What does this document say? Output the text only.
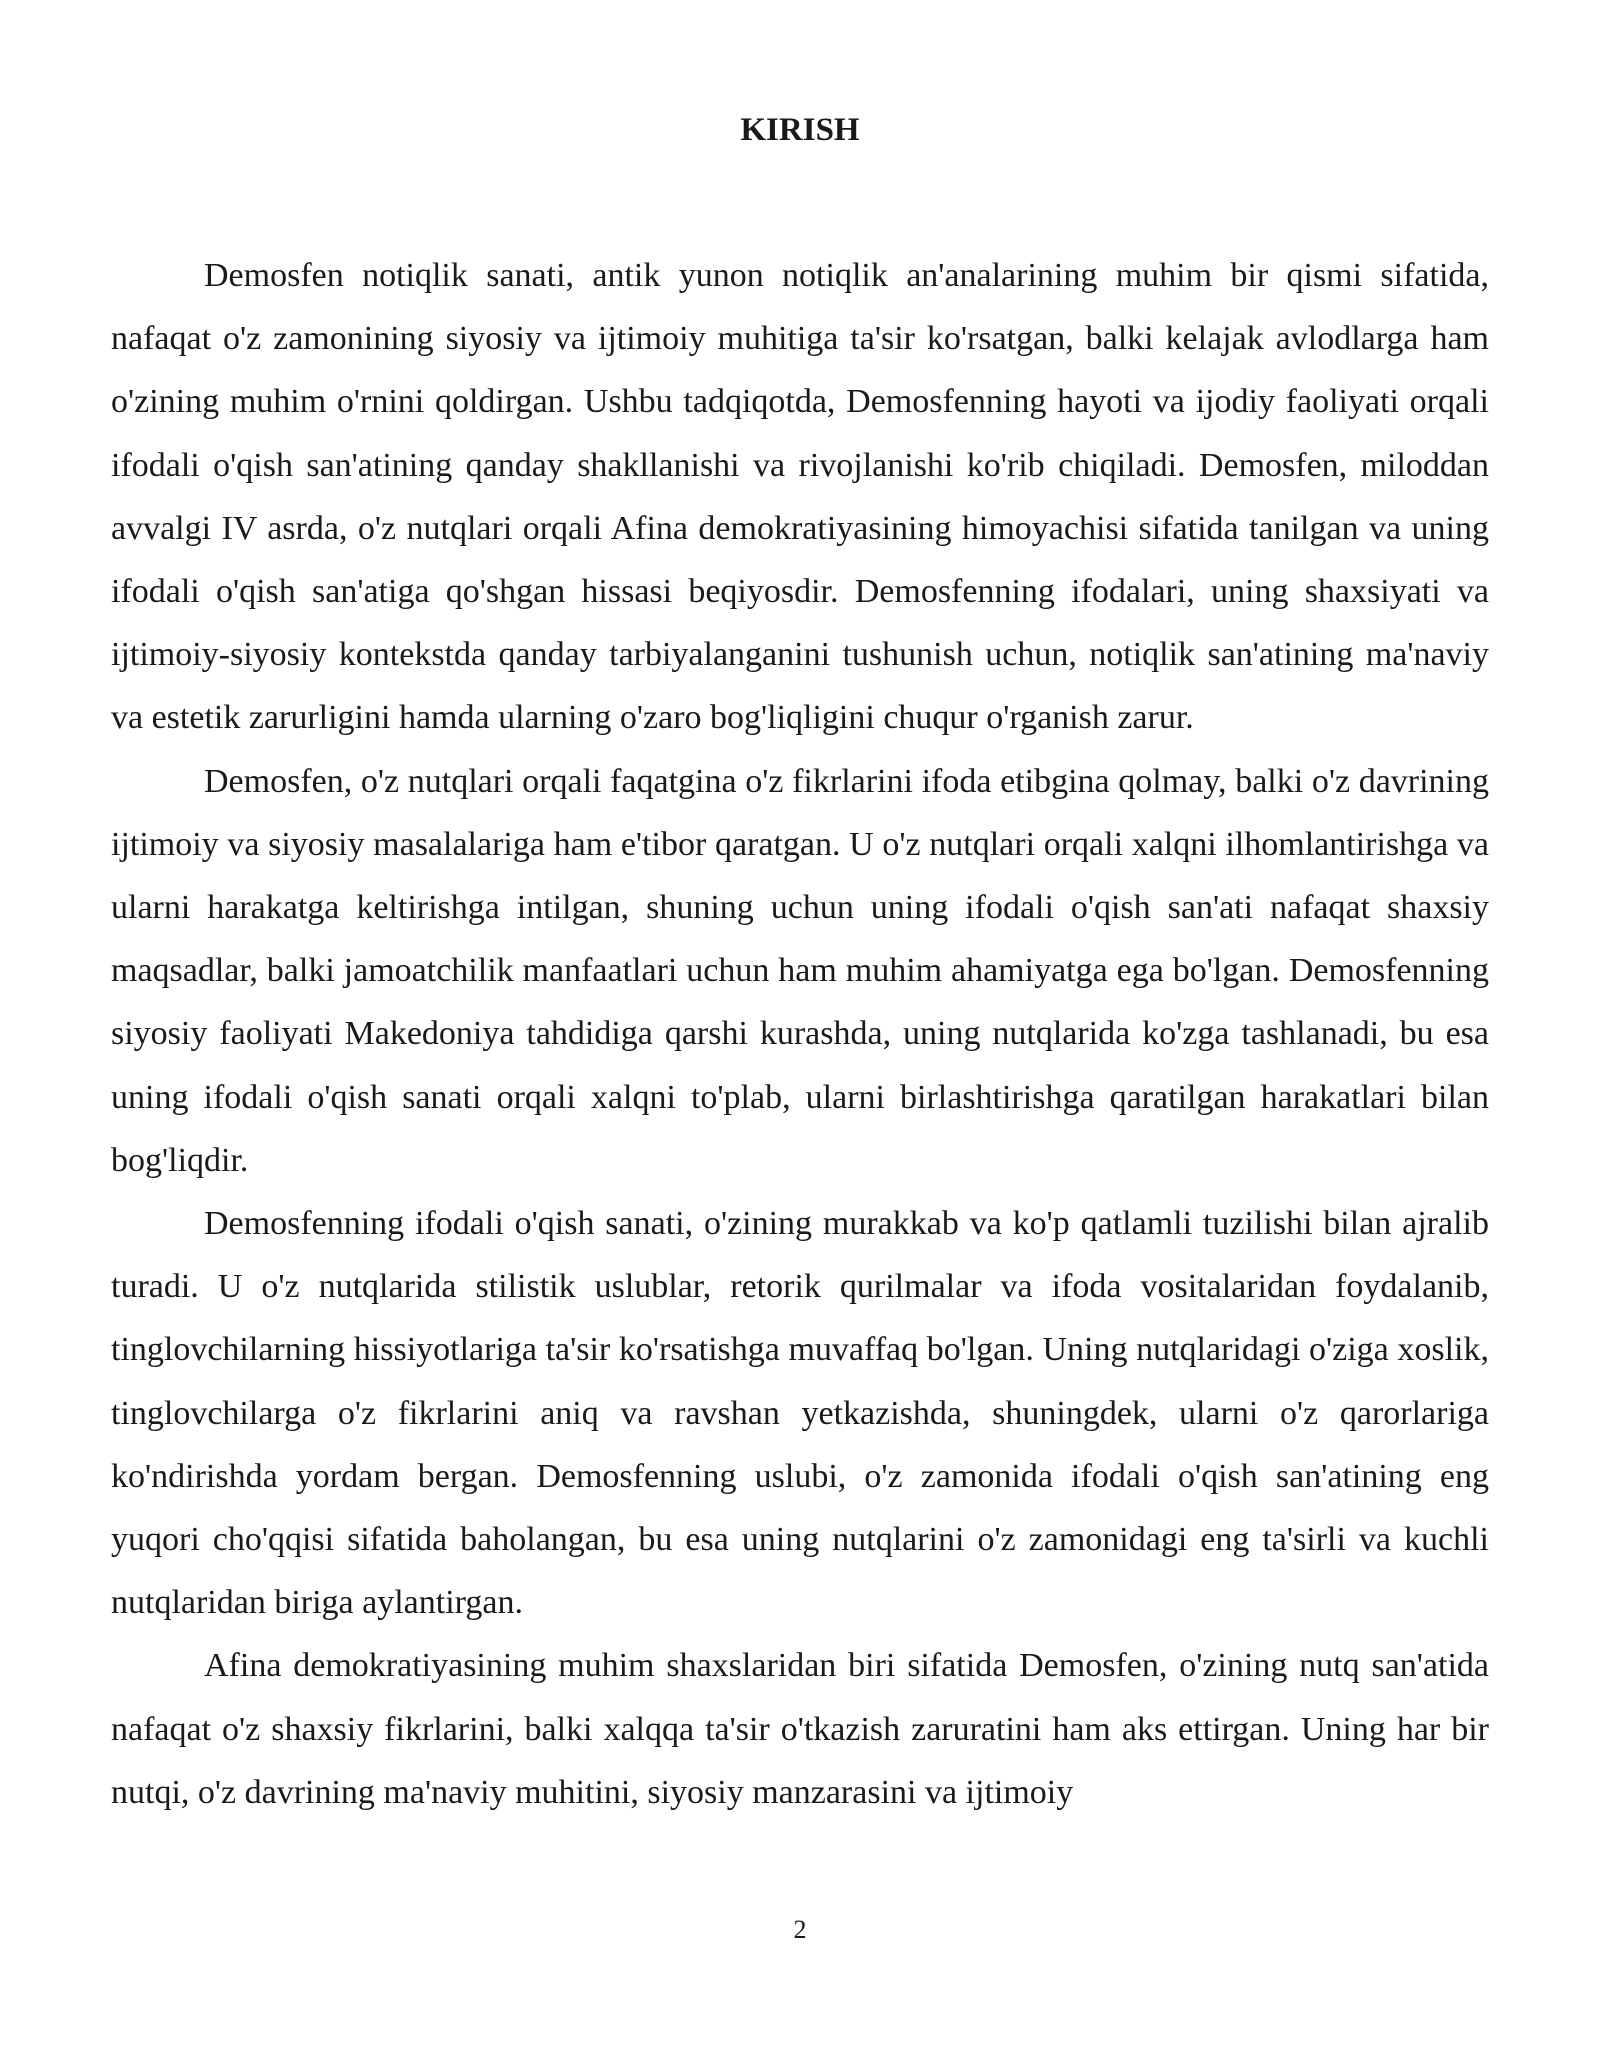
KIRISH

Demosfen notiqlik sanati, antik yunon notiqlik an'analarining muhim bir qismi sifatida, nafaqat o'z zamonining siyosiy va ijtimoiy muhitiga ta'sir ko'rsatgan, balki kelajak avlodlarga ham o'zining muhim o'rnini qoldirgan. Ushbu tadqiqotda, Demosfenning hayoti va ijodiy faoliyati orqali ifodali o'qish san'atining qanday shakllanishi va rivojlanishi ko'rib chiqiladi. Demosfen, miloddan avvalgi IV asrda, o'z nutqlari orqali Afina demokratiyasining himoyachisi sifatida tanilgan va uning ifodali o'qish san'atiga qo'shgan hissasi beqiyosdir. Demosfenning ifodalari, uning shaxsiyati va ijtimoiy-siyosiy kontekstda qanday tarbiyalanganini tushunish uchun, notiqlik san'atining ma'naviy va estetik zarurligini hamda ularning o'zaro bog'liqligini chuqur o'rganish zarur.

Demosfen, o'z nutqlari orqali faqatgina o'z fikrlarini ifoda etibgina qolmay, balki o'z davrining ijtimoiy va siyosiy masalalariga ham e'tibor qaratgan. U o'z nutqlari orqali xalqni ilhomlantirishga va ularni harakatga keltirishga intilgan, shuning uchun uning ifodali o'qish san'ati nafaqat shaxsiy maqsadlar, balki jamoatchilik manfaatlari uchun ham muhim ahamiyatga ega bo'lgan. Demosfenning siyosiy faoliyati Makedoniya tahdidiga qarshi kurashda, uning nutqlarida ko'zga tashlanadi, bu esa uning ifodali o'qish sanati orqali xalqni to'plab, ularni birlashtirishga qaratilgan harakatlari bilan bog'liqdir.

Demosfenning ifodali o'qish sanati, o'zining murakkab va ko'p qatlamli tuzilishi bilan ajralib turadi. U o'z nutqlarida stilistik uslublar, retorik qurilmalar va ifoda vositalaridan foydalanib, tinglovchilarning hissiyotlariga ta'sir ko'rsatishga muvaffaq bo'lgan. Uning nutqlaridagi o'ziga xoslik, tinglovchilarga o'z fikrlarini aniq va ravshan yetkazishda, shuningdek, ularni o'z qarorlariga ko'ndirishda yordam bergan. Demosfenning uslubi, o'z zamonida ifodali o'qish san'atining eng yuqori cho'qqisi sifatida baholangan, bu esa uning nutqlarini o'z zamonidagi eng ta'sirli va kuchli nutqlaridan biriga aylantirgan.

Afina demokratiyasining muhim shaxslaridan biri sifatida Demosfen, o'zining nutq san'atida nafaqat o'z shaxsiy fikrlarini, balki xalqqa ta'sir o'tkazish zaruratini ham aks ettirgan. Uning har bir nutqi, o'z davrining ma'naviy muhitini, siyosiy manzarasini va ijtimoiy

2
